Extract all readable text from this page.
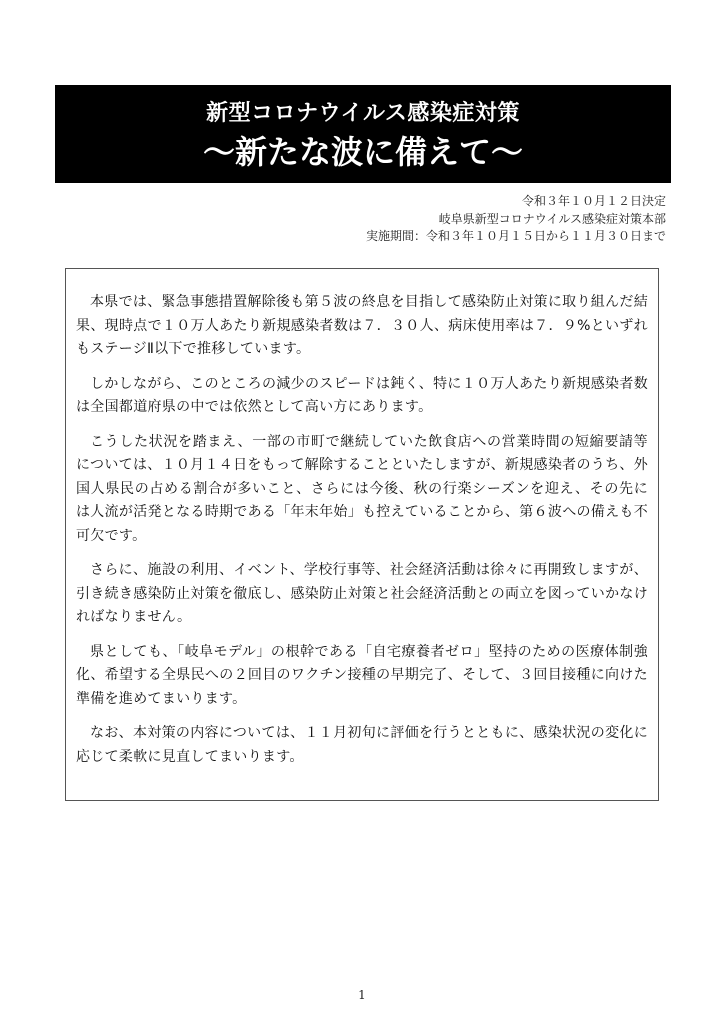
新型コロナウイルス感染症対策
〜新たな波に備えて〜
令和３年１０月１２日決定
岐阜県新型コロナウイルス感染症対策本部
実施期間：令和３年１０月１５日から１１月３０日まで

本県では、緊急事態措置解除後も第５波の終息を目指して感染防止対策に取り組んだ結果、現時点で１０万人あたり新規感染者数は７．３０人、病床使用率は７．９%といずれもステージⅡ以下で推移しています。

しかしながら、このところの減少のスピードは鈍く、特に１０万人あたり新規感染者数は全国都道府県の中では依然として高い方にあります。

こうした状況を踏まえ、一部の市町で継続していた飲食店への営業時間の短縮要請等については、１０月１４日をもって解除することといたしますが、新規感染者のうち、外国人県民の占める割合が多いこと、さらには今後、秋の行楽シーズンを迎え、その先には人流が活発となる時期である「年末年始」も控えていることから、第６波への備えも不可欠です。

さらに、施設の利用、イベント、学校行事等、社会経済活動は徐々に再開致しますが、引き続き感染防止対策を徹底し、感染防止対策と社会経済活動との両立を図っていかなければなりません。

県としても、「岐阜モデル」の根幹である「自宅療養者ゼロ」堅持のための医療体制強化、希望する全県民への２回目のワクチン接種の早期完了、そして、３回目接種に向けた準備を進めてまいります。

なお、本対策の内容については、１１月初旬に評価を行うとともに、感染状況の変化に応じて柔軟に見直してまいります。

1
